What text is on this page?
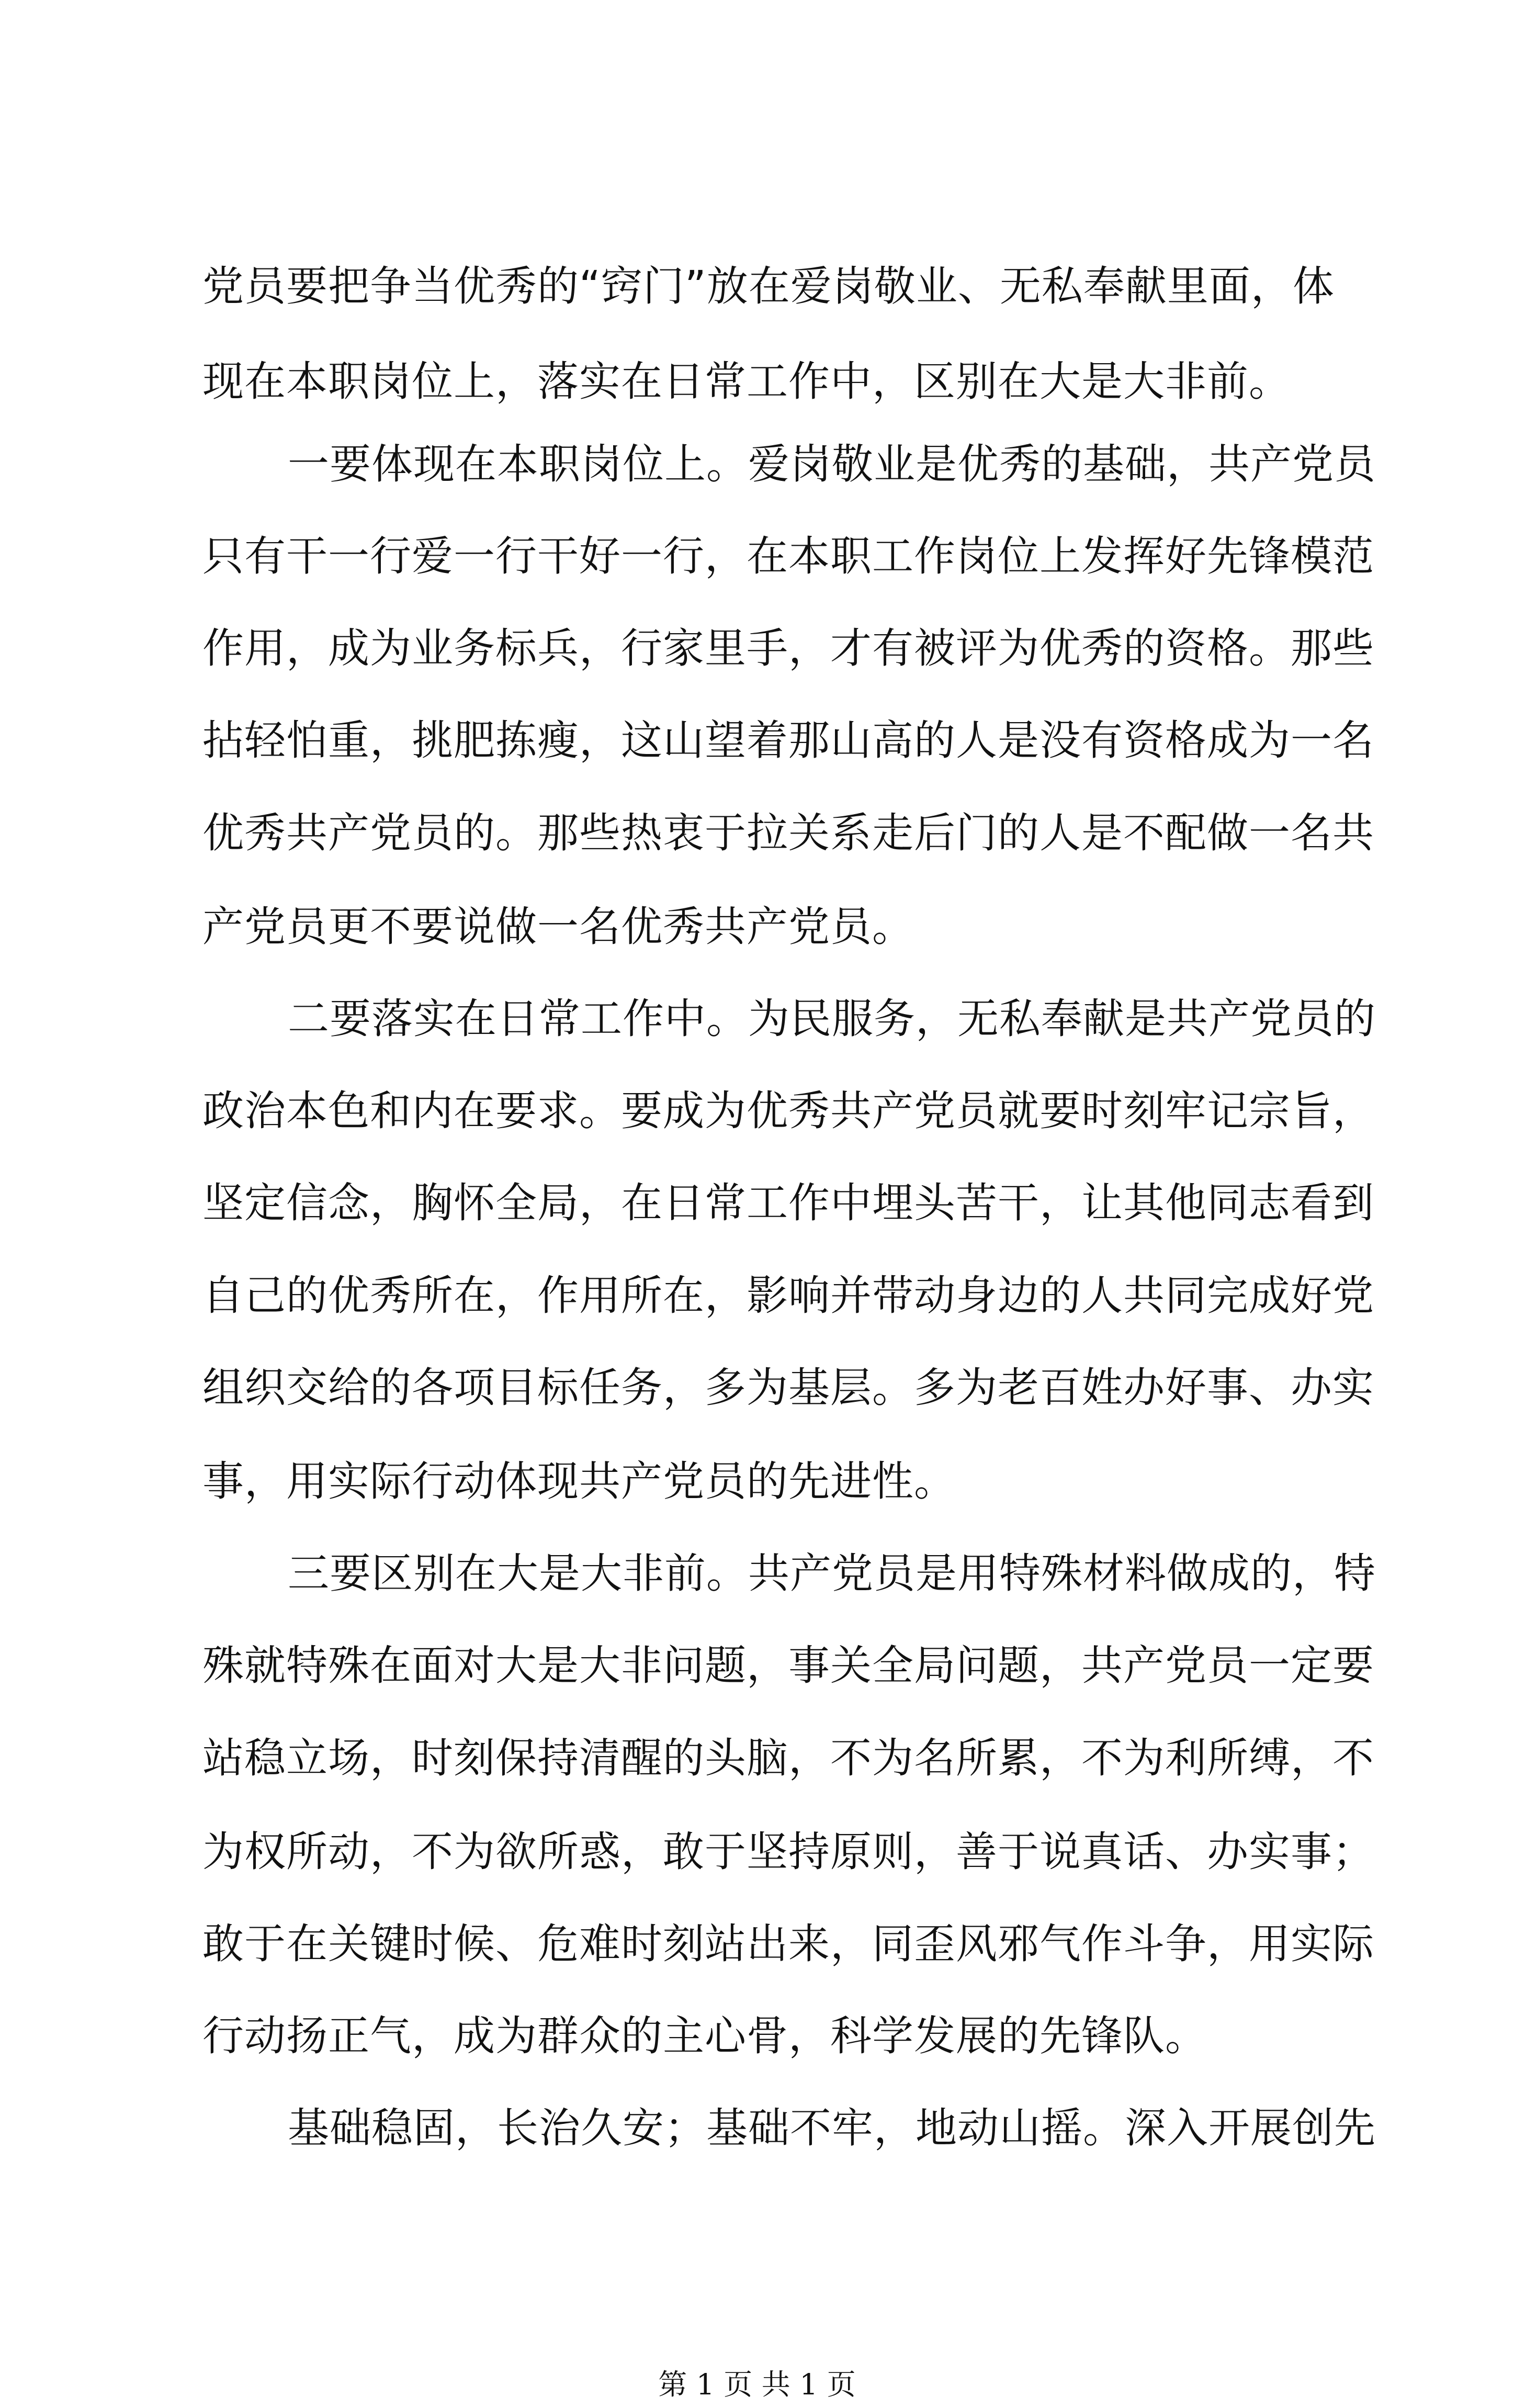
党员要把争当优秀的“窍门”放在爱岗敬业、无私奉献里面，体
现在本职岗位上，落实在日常工作中，区别在大是大非前。
一要体现在本职岗位上。爱岗敬业是优秀的基础，共产党员
只有干一行爱一行干好一行，在本职工作岗位上发挥好先锋模范
作用，成为业务标兵，行家里手，才有被评为优秀的资格。那些
拈轻怕重，挑肥拣瘦，这山望着那山高的人是没有资格成为一名
优秀共产党员的。那些热衷于拉关系走后门的人是不配做一名共
产党员更不要说做一名优秀共产党员。
二要落实在日常工作中。为民服务，无私奉献是共产党员的
政治本色和内在要求。要成为优秀共产党员就要时刻牢记宗旨，
坚定信念，胸怀全局，在日常工作中埋头苦干，让其他同志看到
自己的优秀所在，作用所在，影响并带动身边的人共同完成好党
组织交给的各项目标任务，多为基层。多为老百姓办好事、办实
事，用实际行动体现共产党员的先进性。
三要区别在大是大非前。共产党员是用特殊材料做成的，特
殊就特殊在面对大是大非问题，事关全局问题，共产党员一定要
站稳立场，时刻保持清醒的头脑，不为名所累，不为利所缚，不
为权所动，不为欲所惑，敢于坚持原则，善于说真话、办实事；
敢于在关键时候、危难时刻站出来，同歪风邪气作斗争，用实际
行动扬正气，成为群众的主心骨，科学发展的先锋队。
基础稳固，长治久安；基础不牢，地动山摇。深入开展创先
第 1 页 共 1 页
